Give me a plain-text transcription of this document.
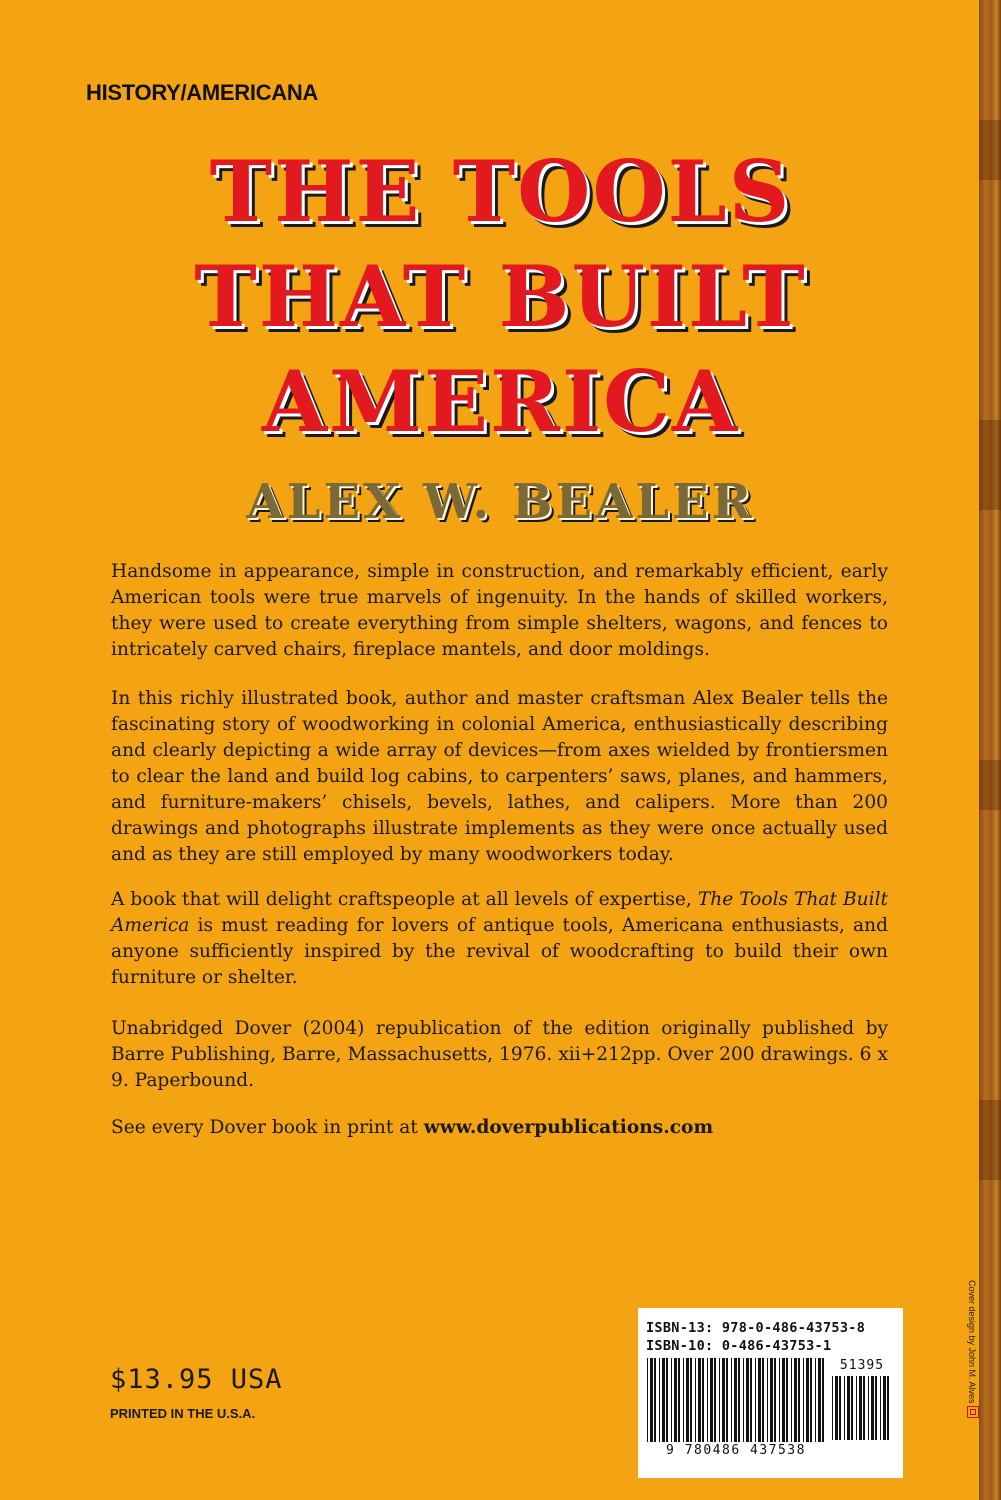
HISTORY/AMERICANA
THE TOOLS
THAT BUILT
AMERICA
ALEX W. BEALER

Handsome in appearance, simple in construction, and remarkably efficient, early American tools were true marvels of ingenuity. In the hands of skilled workers, they were used to create everything from simple shelters, wagons, and fences to intricately carved chairs, fireplace mantels, and door moldings.

In this richly illustrated book, author and master craftsman Alex Bealer tells the fascinating story of woodworking in colonial America, enthusiastically describing and clearly depicting a wide array of devices—from axes wielded by frontiersmen to clear the land and build log cabins, to carpenters’ saws, planes, and hammers, and furniture-makers’ chisels, bevels, lathes, and calipers. More than 200 drawings and photographs illustrate implements as they were once actually used and as they are still employed by many woodworkers today.

A book that will delight craftspeople at all levels of expertise, The Tools That Built America is must reading for lovers of antique tools, Americana enthusiasts, and anyone sufficiently inspired by the revival of woodcrafting to build their own furniture or shelter.

Unabridged Dover (2004) republication of the edition originally published by Barre Publishing, Barre, Massachusetts, 1976. xii+212pp. Over 200 drawings. 6 x 9. Paperbound.

See every Dover book in print at www.doverpublications.com

$13.95 USA
PRINTED IN THE U.S.A.
ISBN-13: 978-0-486-43753-8
ISBN-10: 0-486-43753-1
51395
9 780486 437538
Cover design by John M. Alves
